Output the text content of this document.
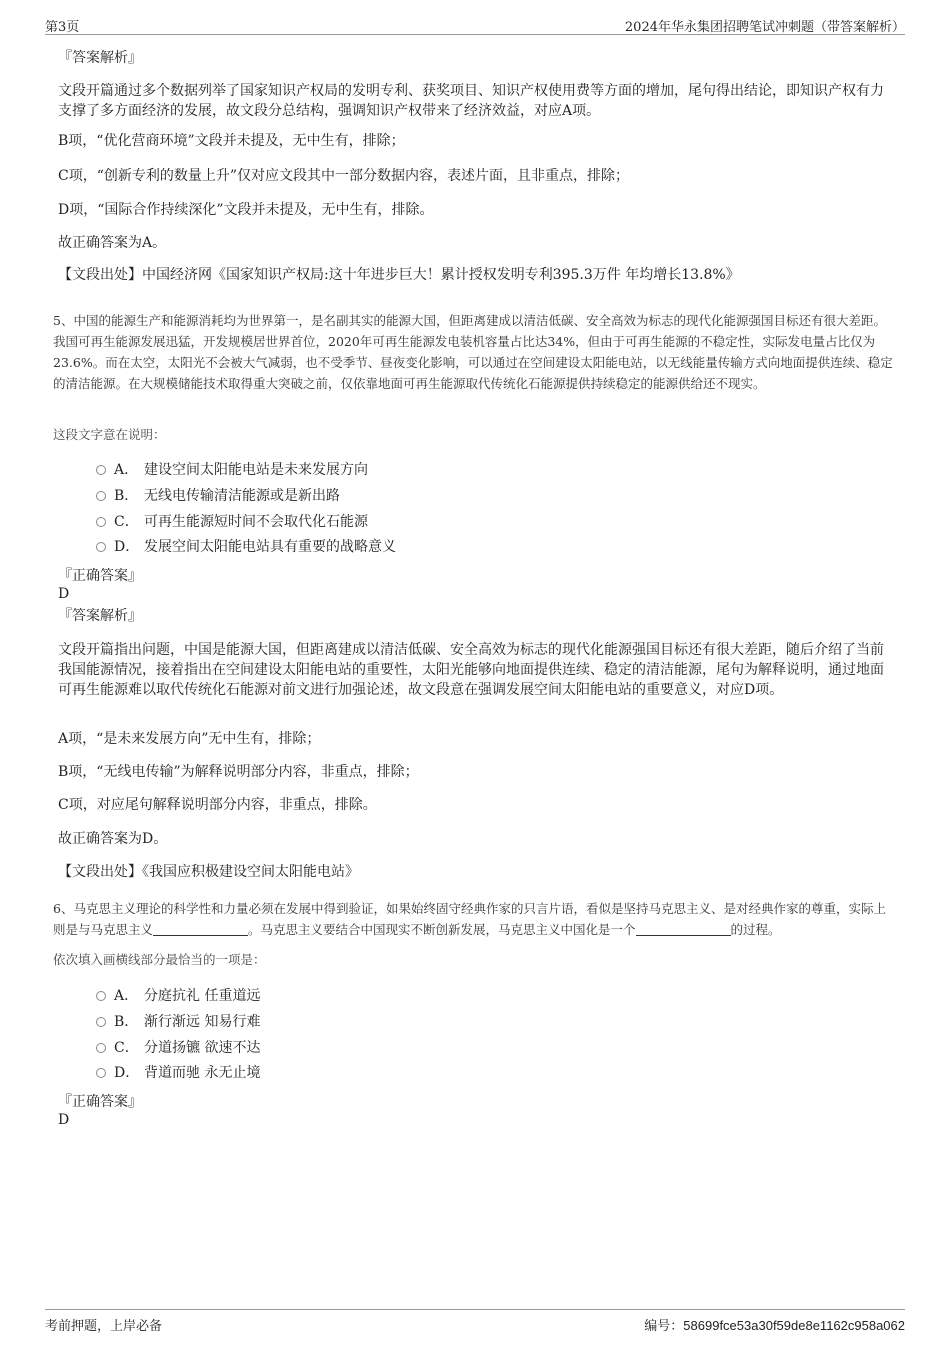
第3页	2024年华永集团招聘笔试冲刺题（带答案解析）
『答案解析』
文段开篇通过多个数据列举了国家知识产权局的发明专利、获奖项目、知识产权使用费等方面的增加，尾句得出结论，即知识产权有力支撑了多方面经济的发展，故文段分总结构，强调知识产权带来了经济效益，对应A项。
B项，“优化营商环境”文段并未提及，无中生有，排除；
C项，“创新专利的数量上升”仅对应文段其中一部分数据内容，表述片面，且非重点，排除；
D项，“国际合作持续深化”文段并未提及，无中生有，排除。
故正确答案为A。
【文段出处】中国经济网《国家知识产权局:这十年进步巨大！累计授权发明专利395.3万件 年均增长13.8%》
5、中国的能源生产和能源消耗均为世界第一，是名副其实的能源大国，但距离建成以清洁低碳、安全高效为标志的现代化能源强国目标还有很大差距。我国可再生能源发展迅猛，开发规模居世界首位，2020年可再生能源发电装机容量占比达34%，但由于可再生能源的不稳定性，实际发电量占比仅为23.6%。而在太空，太阳光不会被大气减弱，也不受季节、昼夜变化影响，可以通过在空间建设太阳能电站，以无线能量传输方式向地面提供连续、稳定的清洁能源。在大规模储能技术取得重大突破之前，仅依靠地面可再生能源取代传统化石能源提供持续稳定的能源供给还不现实。
这段文字意在说明：
A． 建设空间太阳能电站是未来发展方向
B． 无线电传输清洁能源或是新出路
C． 可再生能源短时间不会取代化石能源
D． 发展空间太阳能电站具有重要的战略意义
『正确答案』
D
『答案解析』
文段开篇指出问题，中国是能源大国，但距离建成以清洁低碳、安全高效为标志的现代化能源强国目标还有很大差距，随后介绍了当前我国能源情况，接着指出在空间建设太阳能电站的重要性，太阳光能够向地面提供连续、稳定的清洁能源，尾句为解释说明，通过地面可再生能源难以取代传统化石能源对前文进行加强论述，故文段意在强调发展空间太阳能电站的重要意义，对应D项。
A项，“是未来发展方向”无中生有，排除；
B项，“无线电传输”为解释说明部分内容，非重点，排除；
C项，对应尾句解释说明部分内容，非重点，排除。
故正确答案为D。
【文段出处】《我国应积极建设空间太阳能电站》
6、马克思主义理论的科学性和力量必须在发展中得到验证，如果始终固守经典作家的只言片语，看似是坚持马克思主义、是对经典作家的尊重，实际上则是与马克思主义	。马克思主义要结合中国现实不断创新发展，马克思主义中国化是一个	的过程。
依次填入画横线部分最恰当的一项是：
A． 分庭抗礼 任重道远
B． 渐行渐远 知易行难
C． 分道扬镳 欲速不达
D． 背道而驰 永无止境
『正确答案』
D
考前押题，上岸必备	编号：58699fce53a30f59de8e1162c958a062
